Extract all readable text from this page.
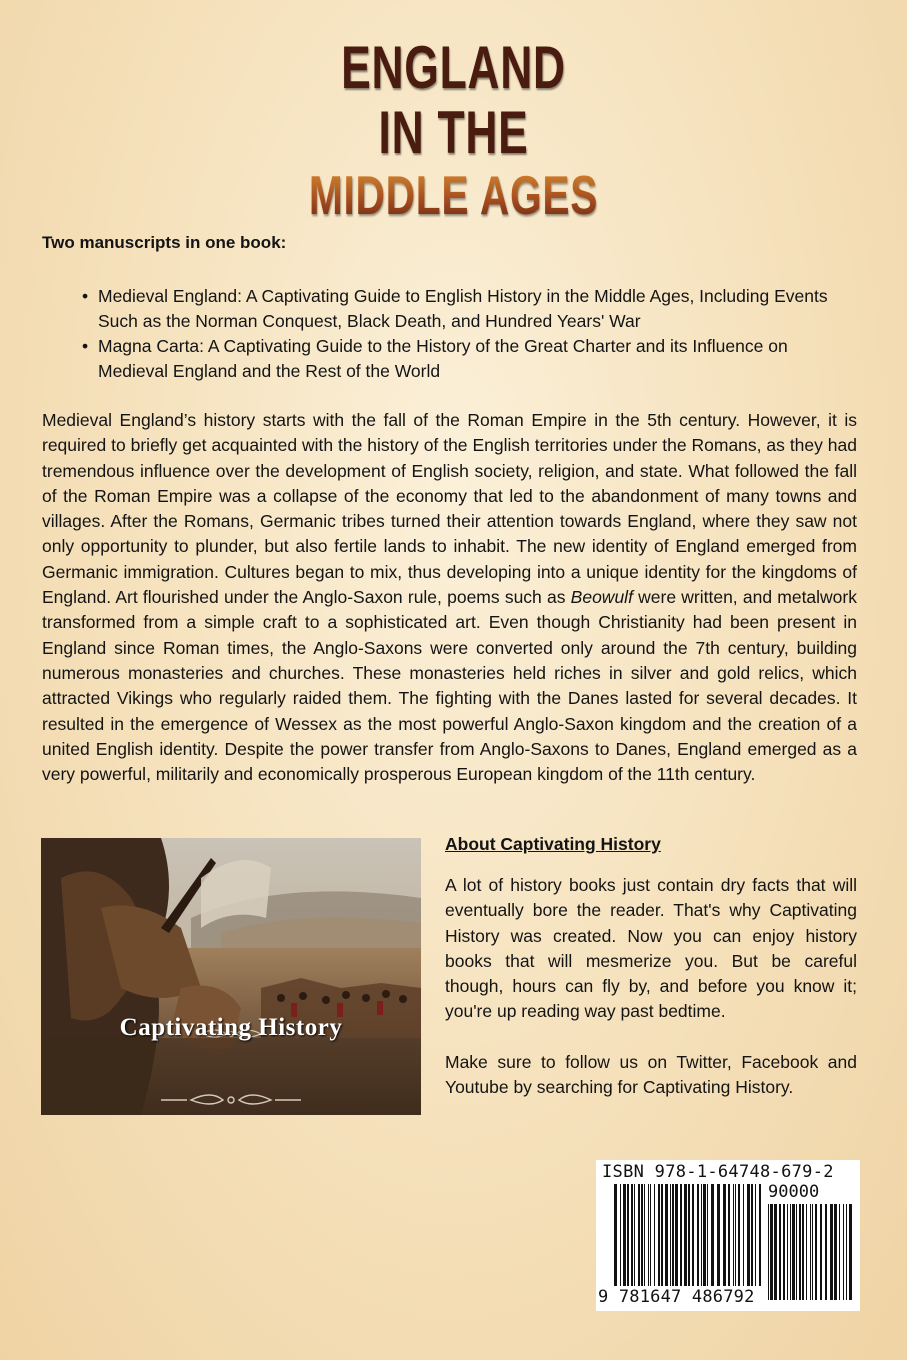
ENGLAND
IN THE
MIDDLE AGES
Two manuscripts in one book:
• Medieval England: A Captivating Guide to English History in the Middle Ages, Including Events Such as the Norman Conquest, Black Death, and Hundred Years' War
• Magna Carta: A Captivating Guide to the History of the Great Charter and its Influence on Medieval England and the Rest of the World

Medieval England’s history starts with the fall of the Roman Empire in the 5th century. However, it is required to briefly get acquainted with the history of the English territories under the Romans, as they had tremendous influence over the development of English society, religion, and state. What followed the fall of the Roman Empire was a collapse of the economy that led to the abandonment of many towns and villages. After the Romans, Germanic tribes turned their attention towards England, where they saw not only opportunity to plunder, but also fertile lands to inhabit. The new identity of England emerged from Germanic immigration. Cultures began to mix, thus developing into a unique identity for the kingdoms of England. Art flourished under the Anglo-Saxon rule, poems such as Beowulf were written, and metalwork transformed from a simple craft to a sophisticated art. Even though Christianity had been present in England since Roman times, the Anglo-Saxons were converted only around the 7th century, building numerous monasteries and churches. These monasteries held riches in silver and gold relics, which attracted Vikings who regularly raided them. The fighting with the Danes lasted for several decades. It resulted in the emergence of Wessex as the most powerful Anglo-Saxon kingdom and the creation of a united English identity. Despite the power transfer from Anglo-Saxons to Danes, England emerged as a very powerful, militarily and economically prosperous European kingdom of the 11th century.

Captivating History
About Captivating History

A lot of history books just contain dry facts that will eventually bore the reader. That's why Captivating History was created. Now you can enjoy history books that will mesmerize you. But be careful though, hours can fly by, and before you know it; you're up reading way past bedtime.

Make sure to follow us on Twitter, Facebook and Youtube by searching for Captivating History.

ISBN 978-1-64748-679-2
90000
9 781647 486792
